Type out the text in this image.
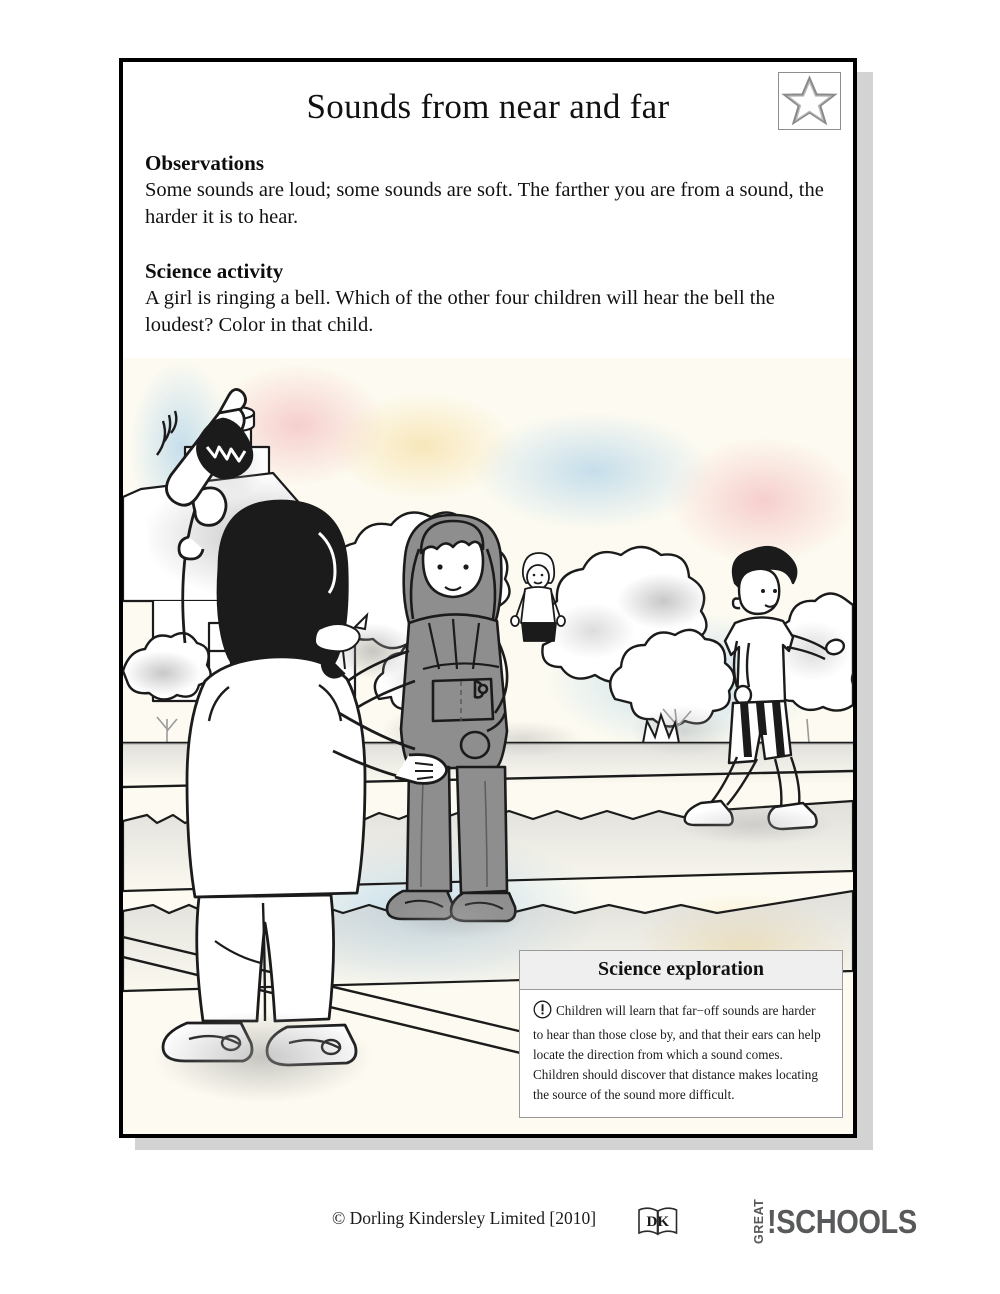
Sounds from near and far
Observations

Some sounds are loud; some sounds are soft. The farther you are from a sound, the harder it is to hear.

Science activity

A girl is ringing a bell. Which of the other four children will hear the bell the loudest? Color in that child.

Science exploration
Children will learn that far−off sounds are harder to hear than those close by, and that their ears can help locate the direction from which a sound comes. Children should discover that distance makes locating the source of the sound more difficult.
© Dorling Kindersley Limited [2010]	DK	GREAT !SCHOOLS
